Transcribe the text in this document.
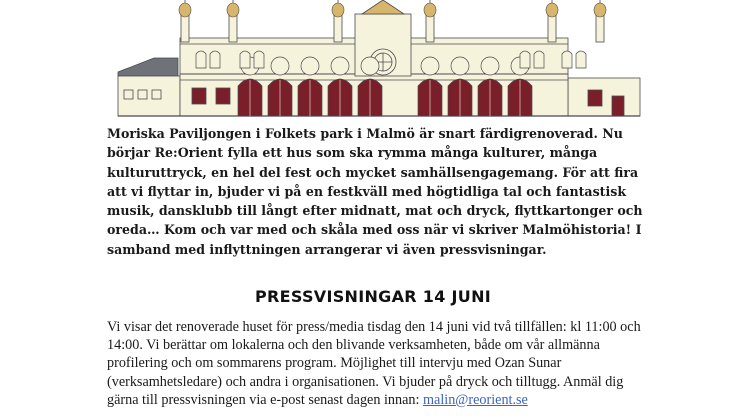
Moriska Paviljongen i Folkets park i Malmö är snart färdigrenoverad. Nu börjar Re:Orient fylla ett hus som ska rymma många kulturer, många kulturuttryck, en hel del fest och mycket samhällsengagemang. För att fira att vi flyttar in, bjuder vi på en festkväll med högtidliga tal och fantastisk musik, dansklubb till långt efter midnatt, mat och dryck, flyttkartonger och oreda… Kom och var med och skåla med oss när vi skriver Malmöhistoria! I samband med inflyttningen arrangerar vi även pressvisningar.

PRESSVISNINGAR 14 JUNI

Vi visar det renoverade huset för press/media tisdag den 14 juni vid två tillfällen: kl 11:00 och 14:00. Vi berättar om lokalerna och den blivande verksamheten, både om vår allmänna profilering och om sommarens program. Möjlighet till intervju med Ozan Sunar (verksamhetsledare) och andra i organisationen. Vi bjuder på dryck och tilltugg. Anmäl dig gärna till pressvisningen via e-post senast dagen innan: malin@reorient.se
